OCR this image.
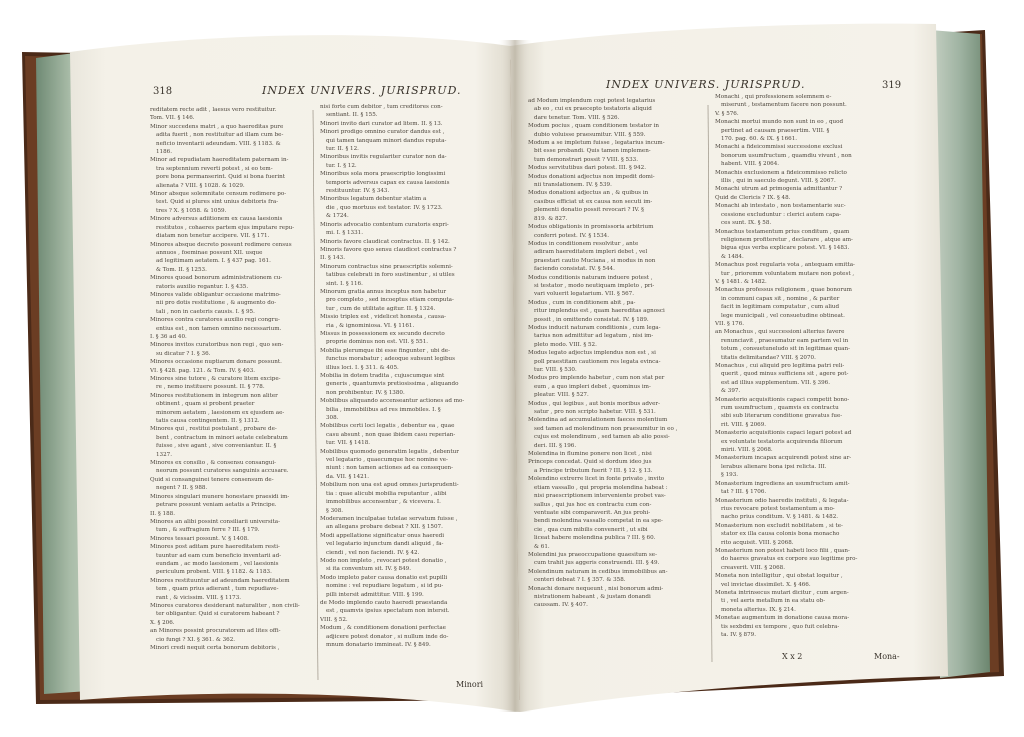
318	INDEX UNIVERS. JURISPRUD.
reditatem recte adit , laesus vero restituitur.
Tom. VII. § 146.
Minor succedens matri , a quo haereditas pure
adita fuerit , non restituitur ad illam cum be-
neficio inventarii adeundam. VIII. § 1183. &
1186.
Minor ad repudiatam haereditatem paternam in-
tra septennium reverti potest , si eo tem-
pore bona permanserint. Quid si bona fuerint
alienata ? VIII. § 1028. & 1029.
Minor absque solemnitate censum redimere po-
test. Quid si plures sint unius debitoris fra-
tres ? X. § 1058. & 1059.
Minore adversus adiitionem ex causa laesionis
restitutos , cohaeres partem ejus imputare repu-
diatam non tenetur accipere. VII. § 171.
Minores absque decreto possunt redimere census
annuos , foeminae possunt XII. usque
ad legitimam aetatem. I. § 437 pag. 161.
& Tom. II. § 1253.
Minores quoad bonorum administrationem cu-
ratoris auxilio regantur. I. § 435.
Minores valide obligantur occasione matrimo-
nii pro dotis restitutione , & augmento do-
tali , non in caeteris causis. I. § 95.
Minores contra curatores auxilio regi congru-
entius est , non tamen omnino necessarium.
I. § 36 ad 40.
Minores invitos curatoribus non regi , quo sen-
su dicatur ? I. § 36.
Minores occasione nuptiarum donare possunt.
VI. § 428. pag. 121. & Tom. IV. § 403.
Minores sine tutore , & curatore litem excipe-
re , nemo instituere possunt. II. § 778.
Minores restitutionem in integrum non aliter
obtinent , quam si probent praeter
minorem aetatem , laesionem ex ejusdem ae-
tatis causa contingentem. II. § 1312.
Minores qui , restitui postulant , probare de-
bent , contractum in minori aetate celebratum
fuisse , sive agant , sive conveniantur. II. §
1327.
Minores ex consilio , & consensu consangui-
neorum possunt curatores sanguinis accusare.
Quid si consanguinei tenere consensum de-
negent ? II. § 988.
Minores singulari munere honestare praesidi im-
petrare possunt veniam aetatis a Principe.
II. § 188.
Minores an alibi possint consiliarii universita-
tum , & suffragium ferre ? III. § 179.
Minores tessari possunt. V. § 1408.
Minores post aditam pure haereditatem resti-
tuuntur ad eam cum beneficio inventarii ad-
eundam , ac modo laesionem , vel laesionis
periculum probent. VIII. § 1182. & 1183.
Minores restituuntur ad adeundam haereditatem
tem , quam prius adierant , tum repudiave-
rant , & vicissim. VIII. § 1173.
Minores curatores desiderant naturaliter , non civili-
ter obligantur. Quid si curatorem habeant ?
X. § 206.
an Minores possint procuratorem ad lites offi-
cio fungi ? XI. § 361. & 362.
Minori credi nequit certa bonorum debitoris ,
nisi forte cum debitor , tum creditores con-
sentiant. II. § 155.
Minori invito dari curator ad litem. II. § 13.
Minori prodigo omnino curator dandus est ,
qui tamen tanquam minori dandus reputa-
tur. II. § 12.
Minoribus invitis regulariter curator non da-
tur. I. § 12.
Minoribus sola mora praescriptio longissimi
temporis adversus capax ex causa laesionis
restituuntur. IV. § 343.
Minoribus legatum debentur statim a
die , quo mortuus est testator. IV. § 1723.
& 1724.
Minoris advocatio contentum curatoris expri-
mi. I. § 1331.
Minoris favore claudicat contractus. II. § 142.
Minoris favore quo sensu claudicet contractus ?
II. § 143.
Minorum contractus sine praescriptis solemni-
tatibus celebrati in foro sustinentur , si utiles
sint. I. § 116.
Minorum gratia annus inceptus non habetur
pro completo , sed incoeptus etiam computa-
tur , cum de utilitate agitur. II. § 1324.
Missio triplex est , videlicet honesta , causa-
ria , & ignominiosa. VI. § 1161.
Missus in possessionem ex secundo decreto
proprie dominus non est. VII. § 551.
Mobilia plerumque ibi esse fingunter , ubi de-
functus morabatur ; adeoque subsunt legibus
illius loci. I. § 311. & 405.
Mobilia in dotem tradita , cujuscumque sint
generis , quantumvis pretiosissima , aliquando
non prohibentur. IV. § 1380.
Mobilibus aliquando accenseantur actiones ad mo-
bilia , immobilibus ad res immobiles. I. §
308.
Mobilibus certi loci legatis , debentur ea , quae
casu absunt , non quae ibidem casu reperian-
tur. VII. § 1418.
Mobilibus quomodo generatim legatis , debentur
vel legatario , quaecumque hoc nomine ve-
niunt : non tamen actiones ad ea consequen-
da. VII. § 1421.
Mobilium non una est apud omnes jurisprudenti-
tia : quae alicubi mobilia reputantur , alibi
immobilibus accensentur , & vicevera. I.
§ 308.
Moderamen inculpatae tutelae servatum fuisse ,
an allegans probare debeat ? XII. § 1507.
Modi appellatione significatur onus haeredi
vel legatario injunctum dandi aliquid , fa-
ciendi , vel non faciendi. IV. § 42.
Modo non impleto , revocari potest donatio ,
si ita conventum sit. IV. § 849.
Modo impleto pater causa donatio est pupilli
nomine : vel repudiare legatum , si id pu-
pilli intersit admittitur. VIII. § 199.
de Modo implendo cauto haeredi praestanda
est , quamvis ipsius spectatum non intersit.
VIII. § 52.
Modum , & conditionem donationi perfectae
adjicere potest donator , si nullum inde do-
mnum donatario immineat. IV. § 849.
Minori
INDEX UNIVERS. JURISPRUD.	319
ad Modum implendum cogi potest legatarius
ab eo , cui ex praecepto testatoris aliquid
dare tenetur. Tom. VIII. § 526.
Modum pocius , quam conditionem testator in
dubio voluisse praesumitur. VIII. § 559.
Modum a se impletum fuisse , legatarius incum-
bit esse probandi. Quis tamen implemen-
tum demonstrari possit ? VIII. § 533.
Modus servitutibus dari potest. III. § 942.
Modus donationi adjectus non impedit domi-
nii translationem. IV. § 539.
Modus donationi adjectus an , & quibus in
casibus efficiat ut ex causa non secuti im-
plementi donatio possit revocari ? IV. §
819. & 827.
Modus obligationis in promissoria arbitrium
conferri potest. IV. § 1534.
Modus in conditionem resolvitur , ante
adiram haereditatem impleri debet , vel
praestari cautio Muciana , si modus in non
faciendo consistat. IV. § 544.
Modus conditionis naturam induere potest ,
si testator , modo neutiquam impleto , pri-
vari voluerit legatarium. VII. § 567.
Modus , cum in conditionem abit , pa-
ritur implendus est , quam haereditas agnosci
possit , in omittendo consistat. IV. § 189.
Modus inducit naturam conditionis , cum lega-
tarius non admittitur ad legatum , nisi im-
pleto modo. VIII. § 52.
Modus legato adjectus implendus non est , si
poll praestitam cautionem res legata evinca-
tur. VIII. § 530.
Modus pro implendo habetur , cum non stat per
eum , a quo impleri debet , quominus im-
pleatur. VIII. § 527.
Modus , qui legibus , aut bonis moribus adver-
satur , pro non scripto habetur. VIII. § 531.
Molendina ad accumulationem faeces molentium
sed tamen ad molendinum non praesumitur in eo ,
cujus est molendinum , sed tamen ab alio possi-
deri. III. § 196.
Molendina in flumine ponere non licet , nisi
Princeps concedat. Quid si dordum ideo jus
a Principe tributum fuerit ? III. § 12. § 13.
Molendino extrerre licet in fonte privato , invito
etiam vassallo , qui propria molendina habeat :
nisi praescriptionem interveniente probet vas-
sallus , qui jus hoc ex contractu cum con-
ventuate sibi comparaverit. An jus prohi-
bendi molendina vassallo competat in ea spe-
cie , qua cum mibilis convenerit , ut sibi
liceat habere molendina publica ? III. § 60.
& 61.
Molendini jus praeoccupatione quaesitum se-
cum trahit jus aggeris construendi. III. § 49.
Molendinum naturam in cedibus immobilibus an-
centeri debeat ? I. § 357. & 358.
Monachi donare nequeunt , nisi bonorum admi-
nistrationem habeant , & justam donandi
caussam. IV. § 407.
Monachi , qui professionem solemnem e-
miserunt , testamentum facere non possunt.
V. § 576.
Monachi mortui mundo non sunt in eo , quod
pertinet ad causam praesertim. VIII. §
170. pag. 60. & IX. § 1661.
Monachi a fideicommissi successione exclusi
bonorum usumfructum , quamdiu vivunt , non
habent. VIII. § 2064.
Monachis exclusionem a fideicommisso relicto
illis , qui in saeculo degunt. VIII. § 2067.
Monachi utrum ad primogenia admittantur ?
Quid de Clericis ? IX. § 48.
Monachi ab intestato , non testamentarie suc-
cessione excluduntur : clerici autem capa-
ces sunt. IX. § 58.
Monachus testamentum prius conditum , quam
religionem profiteretur , declarare , atque am-
bigua ejus verba explicare potest. VI. § 1483.
& 1484.
Monachus post regularis vota , antequam emitta-
tur , prioremm voluntatem mutare non potest ,
V. § 1481. & 1482.
Monachus professus religionem , quae bonorum
in communi capax sit , nomine , & pariter
facit in legitimam computatur , cum aliud
lege municipali , vel consuetudine obtineat.
VII. § 176.
an Monachus , qui successioni alterius favere
renunciavit , praesumatur eam partem vel in
totum , consuetuneludo sit in legitimae quan-
titatis delimitandae? VIII. § 2070.
Monachus , cui aliquid pro legitima patri reli-
querit , quod minus sufficiens sit , agere pot-
est ad illius supplementum. VII. § 396.
& 397.
Monasterio acquisitionis capaci competit bono-
rum usumfructum , quamvis ex contractu
sibi sub literarum conditione gravatus fue-
rit. VIII. § 2069.
Monasterio acquisitionis capaci legari potest ad
ex voluntate testatoris acquirenda filiorum
mirii. VIII. § 2068.
Monasterium incapax acquirendi potest sine ar-
lerabus alienare bona ipsi relicta. III.
§ 193.
Monasterium ingrediens an usumfructum amit-
tat ? III. § 1706.
Monasterium odio haeredis instituti , & legata-
rius revocare potest testamentum a mo-
nacho prius conditum. V. § 1481. & 1482.
Monasterium non excludit nobilitatem , si te-
stator ex illa causa colonis bona monacho
rito acquisit. VIII. § 2068.
Monasterium non potest habeti loco filii , quan-
do haeres gravatus ex corpore suo legitime pro-
creaverit. VIII. § 2068.
Moneta non intelligitur , qui obstat loquitur ,
vel invictae dissimilet. X. § 466.
Moneta intrinsecus mutari dicitur , cum argen-
ti , vel aeris metallum in ea statu ob-
moneta alterius. IX. § 214.
Monetae augmentum in donatione causa mora-
tis sexbdmi ex tempore , quo fuit celebra-
ta. IV. § 879.
X x 2	Mona-
